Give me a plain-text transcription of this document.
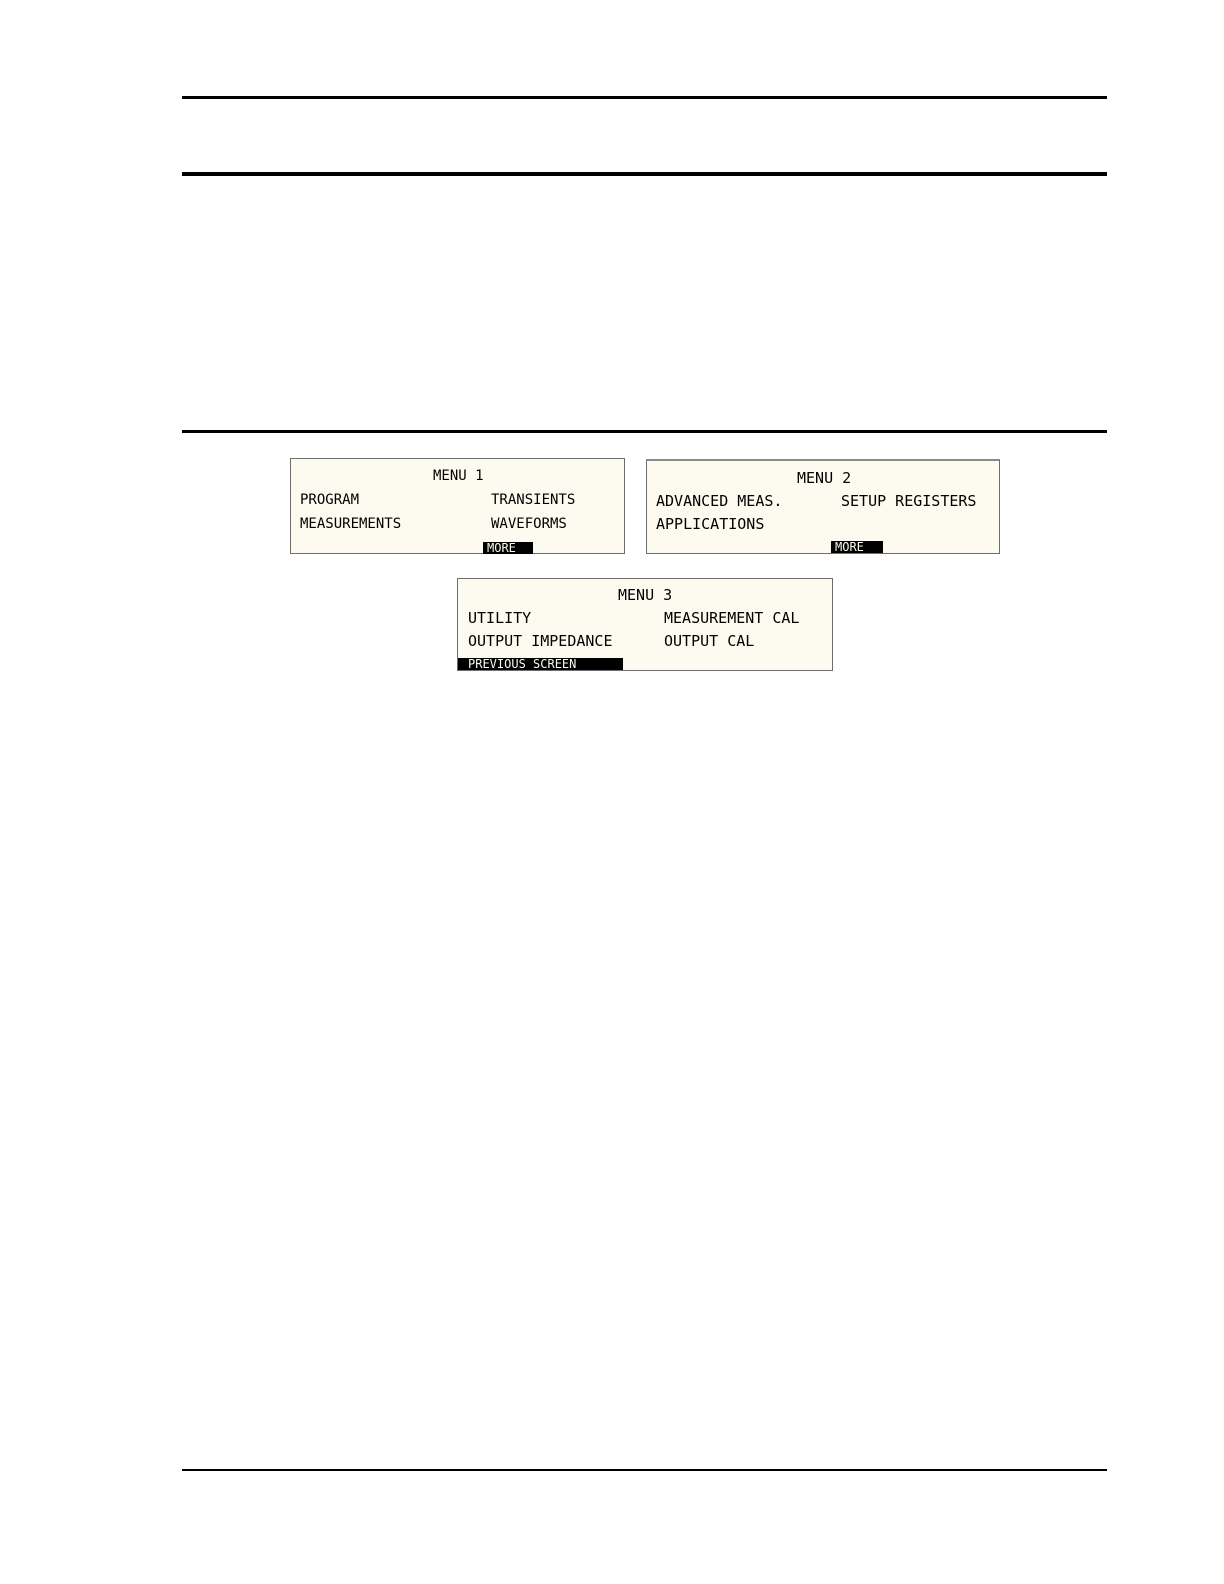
MENU 1
PROGRAM	TRANSIENTS
MEASUREMENTS	WAVEFORMS
MORE
MENU 2
ADVANCED MEAS.	SETUP REGISTERS
APPLICATIONS
MORE
MENU 3
UTILITY	MEASUREMENT CAL
OUTPUT IMPEDANCE	OUTPUT CAL
PREVIOUS SCREEN
